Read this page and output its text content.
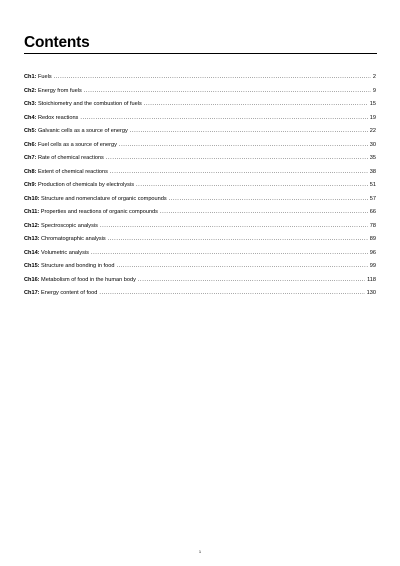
Contents
Ch1: Fuels .....	2
Ch2: Energy from fuels .....	9
Ch3: Stoichiometry and the combustion of fuels .....	15
Ch4: Redox reactions .....	19
Ch5: Galvanic cells as a source of energy .....	22
Ch6: Fuel cells as a source of energy .....	30
Ch7: Rate of chemical reactions .....	35
Ch8: Extent of chemical reactions .....	38
Ch9: Production of chemicals by electrolysis .....	51
Ch10: Structure and nomenclature of organic compounds .....	57
Ch11: Properties and reactions of organic compounds .....	66
Ch12: Spectroscopic analysis .....	78
Ch13: Chromatographic analysis .....	89
Ch14: Volumetric analysis .....	96
Ch15: Structure and bonding in food .....	99
Ch16: Metabolism of food in the human body .....	118
Ch17: Energy content of food .....	130
1
